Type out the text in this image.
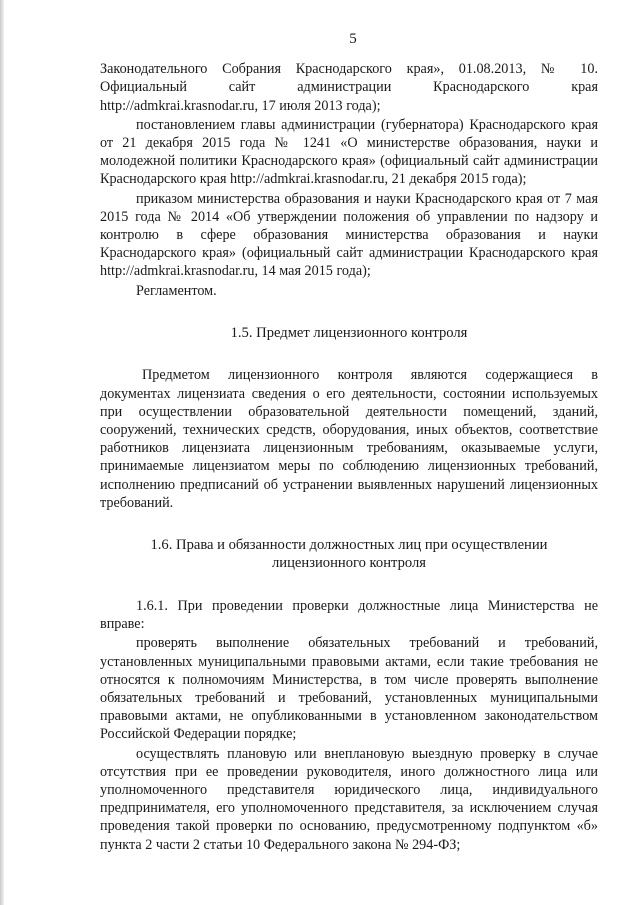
5

Законодательного Собрания Краснодарского края», 01.08.2013, № 10. Официальный сайт администрации Краснодарского края http://admkrai.krasnodar.ru, 17 июля 2013 года);

постановлением главы администрации (губернатора) Краснодарского края от 21 декабря 2015 года № 1241 «О министерстве образования, науки и молодежной политики Краснодарского края» (официальный сайт администрации Краснодарского края http://admkrai.krasnodar.ru, 21 декабря 2015 года);

приказом министерства образования и науки Краснодарского края от 7 мая 2015 года № 2014 «Об утверждении положения об управлении по надзору и контролю в сфере образования министерства образования и науки Краснодарского края» (официальный сайт администрации Краснодарского края http://admkrai.krasnodar.ru, 14 мая 2015 года);

Регламентом.

1.5. Предмет лицензионного контроля

Предметом лицензионного контроля являются содержащиеся в документах лицензиата сведения о его деятельности, состоянии используемых при осуществлении образовательной деятельности помещений, зданий, сооружений, технических средств, оборудования, иных объектов, соответствие работников лицензиата лицензионным требованиям, оказываемые услуги, принимаемые лицензиатом меры по соблюдению лицензионных требований, исполнению предписаний об устранении выявленных нарушений лицензионных требований.

1.6. Права и обязанности должностных лиц при осуществлении
лицензионного контроля

1.6.1. При проведении проверки должностные лица Министерства не вправе:

проверять выполнение обязательных требований и требований, установленных муниципальными правовыми актами, если такие требования не относятся к полномочиям Министерства, в том числе проверять выполнение обязательных требований и требований, установленных муниципальными правовыми актами, не опубликованными в установленном законодательством Российской Федерации порядке;

осуществлять плановую или внеплановую выездную проверку в случае отсутствия при ее проведении руководителя, иного должностного лица или уполномоченного представителя юридического лица, индивидуального предпринимателя, его уполномоченного представителя, за исключением случая проведения такой проверки по основанию, предусмотренному подпунктом «б» пункта 2 части 2 статьи 10 Федерального закона № 294-ФЗ;
